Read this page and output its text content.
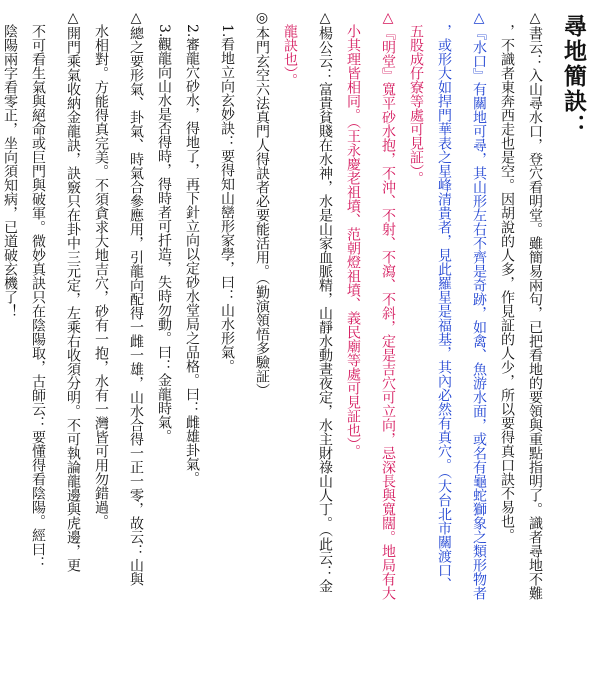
尋地簡訣：
△書云：入山尋水口，登穴看明堂。雖簡易兩句，已把看地的要領與重點指明了。識者尋地不難
　，不識者東奔西走也是空。因胡說的人多，作見証的人少，所以要得真口訣不易也。
△『水口』有關地可尋，其山形左右不齊是奇跡，如禽、魚游水面，或名有龜蛇獅象之類形物者
　，或形大如捍門華表之星峰清貴者，見此羅星是福基，其內必然有真穴。（大台北市關渡口、
　五股成仔寮等處可見証）。
△『明堂』寬平砂水抱，不沖、不射、不瀉、不斜，定是吉穴可立向，忌深長與寬闊。地局有大
　小其理皆相同。（王永慶老祖墳、范朝燈祖墳、義民廟等處可見証也）。
△楊公云：富貴貧賤在水神，水是山家血脈精，山靜水動晝夜定，水主財祿山人丁。（此云：金
　龍訣也）。
◎本門玄空六法真門人得訣者必要能活用。（勤演領悟多驗証）
　1.看地立向玄妙訣：要得知山巒形家學，曰：山水形氣。
　2.審龍穴砂水，得地了，再下針立向以定砂水堂局之品格。曰：雌雄卦氣。
　3.觀龍向山水是否得時，得時者可扦造，失時勿動。曰：金龍時氣。
△總之要形氣、卦氣、時氣合參應用，引龍向配得一雌一雄，山水合得一正一零，故云：山與
　水相對。方能得真完美。不須貪求大地吉穴，砂有一抱，水有一灣皆可用勿錯過。
△開門乘氣收納金龍訣，訣竅只在卦中三元定，左乘右收須分明。不可執論龍邊與虎邊，更
　不可看生氣與絕命或巨門與破軍。微妙真訣只在陰陽取，古師云：要懂得看陰陽。經曰：
　陰陽兩字看零正，坐向須知病，已道破玄機了！
